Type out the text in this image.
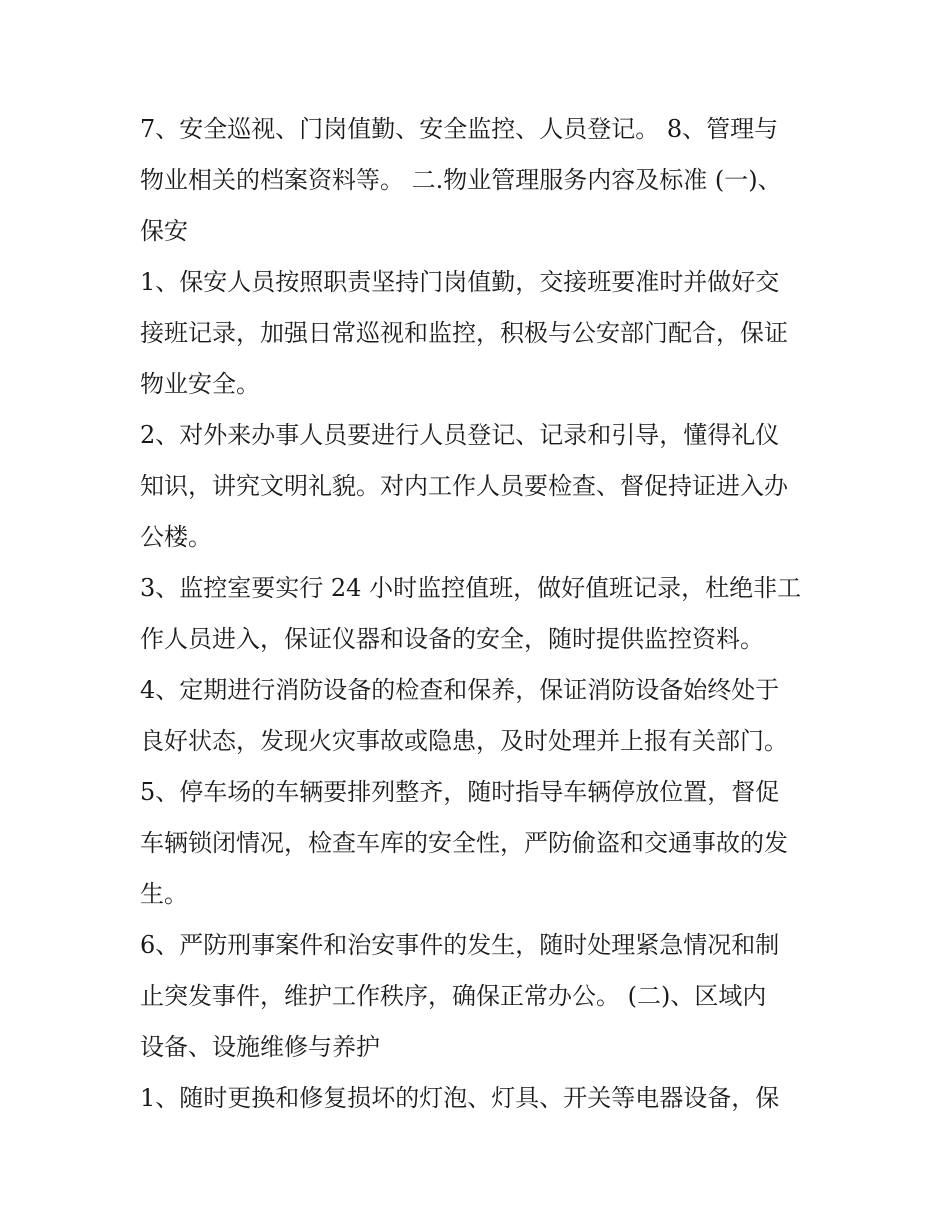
7、安全巡视、门岗值勤、安全监控、人员登记。 8、管理与
物业相关的档案资料等。 二.物业管理服务内容及标准 (一)、
保安
1、保安人员按照职责坚持门岗值勤，交接班要准时并做好交
接班记录，加强日常巡视和监控，积极与公安部门配合，保证
物业安全。
2、对外来办事人员要进行人员登记、记录和引导，懂得礼仪
知识，讲究文明礼貌。对内工作人员要检查、督促持证进入办
公楼。
3、监控室要实行 24 小时监控值班，做好值班记录，杜绝非工
作人员进入，保证仪器和设备的安全，随时提供监控资料。
4、定期进行消防设备的检查和保养，保证消防设备始终处于
良好状态，发现火灾事故或隐患，及时处理并上报有关部门。
5、停车场的车辆要排列整齐，随时指导车辆停放位置，督促
车辆锁闭情况，检查车库的安全性，严防偷盗和交通事故的发
生。
6、严防刑事案件和治安事件的发生，随时处理紧急情况和制
止突发事件，维护工作秩序，确保正常办公。 (二)、区域内
设备、设施维修与养护
1、随时更换和修复损坏的灯泡、灯具、开关等电器设备，保
